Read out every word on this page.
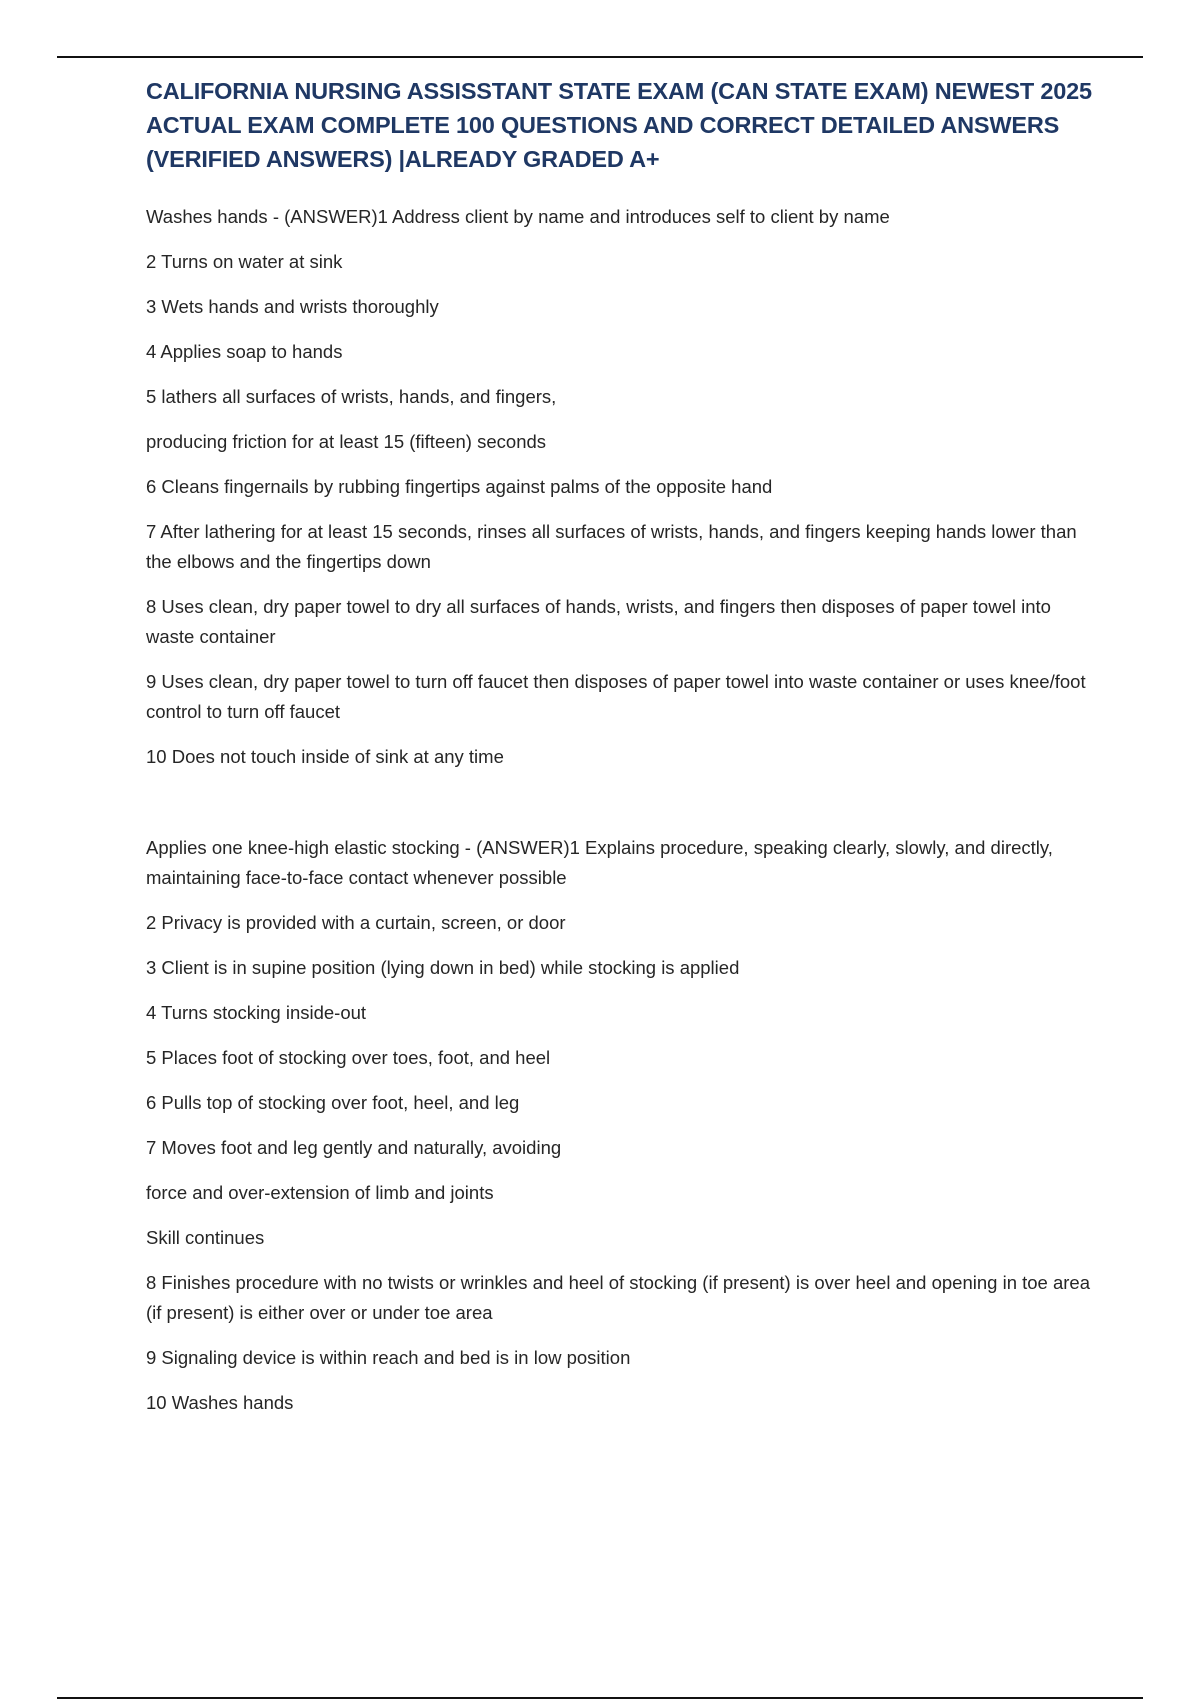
CALIFORNIA NURSING ASSISSTANT STATE EXAM (CAN STATE EXAM) NEWEST 2025 ACTUAL EXAM COMPLETE 100 QUESTIONS AND CORRECT DETAILED ANSWERS (VERIFIED ANSWERS) |ALREADY GRADED A+

Washes hands - (ANSWER)1 Address client by name and introduces self to client by name

2 Turns on water at sink

3 Wets hands and wrists thoroughly

4 Applies soap to hands

5 lathers all surfaces of wrists, hands, and fingers,

producing friction for at least 15 (fifteen) seconds

6 Cleans fingernails by rubbing fingertips against palms of the opposite hand

7 After lathering for at least 15 seconds, rinses all surfaces of wrists, hands, and fingers keeping hands lower than the elbows and the fingertips down

8 Uses clean, dry paper towel to dry all surfaces of hands, wrists, and fingers then disposes of paper towel into waste container

9 Uses clean, dry paper towel to turn off faucet then disposes of paper towel into waste container or uses knee/foot control to turn off faucet

10 Does not touch inside of sink at any time

Applies one knee-high elastic stocking - (ANSWER)1 Explains procedure, speaking clearly, slowly, and directly, maintaining face-to-face contact whenever possible

2 Privacy is provided with a curtain, screen, or door

3 Client is in supine position (lying down in bed) while stocking is applied

4 Turns stocking inside-out

5 Places foot of stocking over toes, foot, and heel

6 Pulls top of stocking over foot, heel, and leg

7 Moves foot and leg gently and naturally, avoiding

force and over-extension of limb and joints

Skill continues

8 Finishes procedure with no twists or wrinkles and heel of stocking (if present) is over heel and opening in toe area (if present) is either over or under toe area

9 Signaling device is within reach and bed is in low position

10 Washes hands
